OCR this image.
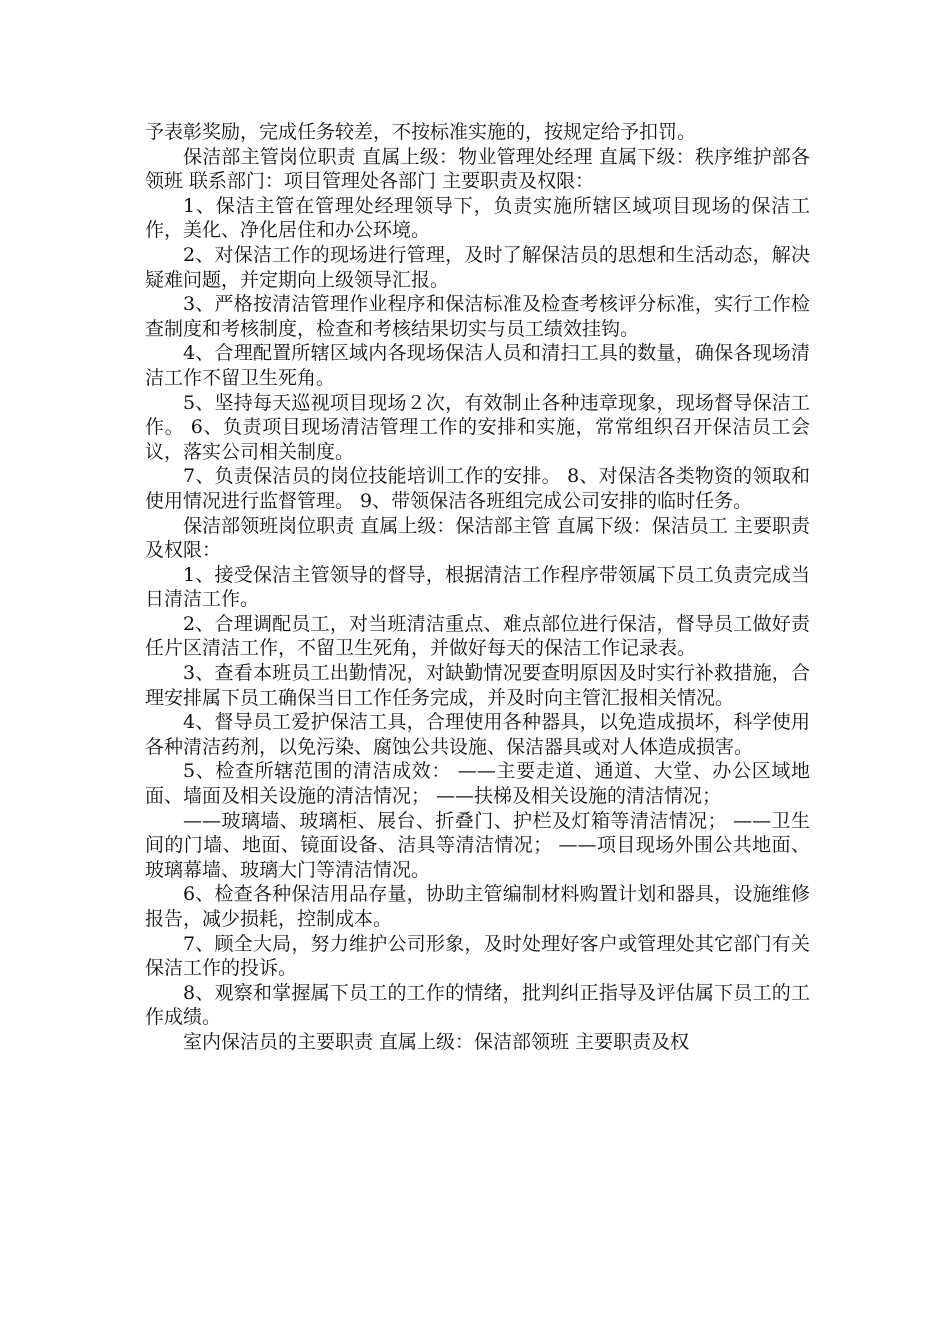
予表彰奖励，完成任务较差，不按标准实施的，按规定给予扣罚。

保洁部主管岗位职责 直属上级：物业管理处经理 直属下级：秩序维护部各领班 联系部门：项目管理处各部门 主要职责及权限：

1、保洁主管在管理处经理领导下，负责实施所辖区域项目现场的保洁工作，美化、净化居住和办公环境。

2、对保洁工作的现场进行管理，及时了解保洁员的思想和生活动态，解决疑难问题，并定期向上级领导汇报。

3、严格按清洁管理作业程序和保洁标准及检查考核评分标准，实行工作检查制度和考核制度，检查和考核结果切实与员工绩效挂钩。

4、合理配置所辖区域内各现场保洁人员和清扫工具的数量，确保各现场清洁工作不留卫生死角。

5、坚持每天巡视项目现场２次，有效制止各种违章现象，现场督导保洁工作。 6、负责项目现场清洁管理工作的安排和实施，常常组织召开保洁员工会议，落实公司相关制度。

7、负责保洁员的岗位技能培训工作的安排。 8、对保洁各类物资的领取和使用情况进行监督管理。 9、带领保洁各班组完成公司安排的临时任务。

保洁部领班岗位职责 直属上级：保洁部主管 直属下级：保洁员工 主要职责及权限：

1、接受保洁主管领导的督导，根据清洁工作程序带领属下员工负责完成当日清洁工作。

2、合理调配员工，对当班清洁重点、难点部位进行保洁，督导员工做好责任片区清洁工作，不留卫生死角，并做好每天的保洁工作记录表。

3、查看本班员工出勤情况，对缺勤情况要查明原因及时实行补救措施，合理安排属下员工确保当日工作任务完成，并及时向主管汇报相关情况。

4、督导员工爱护保洁工具，合理使用各种器具，以免造成损坏，科学使用各种清洁药剂，以免污染、腐蚀公共设施、保洁器具或对人体造成损害。

5、检查所辖范围的清洁成效： ——主要走道、通道、大堂、办公区域地面、墙面及相关设施的清洁情况； ——扶梯及相关设施的清洁情况；

——玻璃墙、玻璃柜、展台、折叠门、护栏及灯箱等清洁情况； ——卫生间的门墙、地面、镜面设备、洁具等清洁情况； ——项目现场外围公共地面、玻璃幕墙、玻璃大门等清洁情况。

6、检查各种保洁用品存量，协助主管编制材料购置计划和器具，设施维修报告，减少损耗，控制成本。

7、顾全大局，努力维护公司形象，及时处理好客户或管理处其它部门有关保洁工作的投诉。

8、观察和掌握属下员工的工作的情绪，批判纠正指导及评估属下员工的工作成绩。

室内保洁员的主要职责 直属上级：保洁部领班 主要职责及权
